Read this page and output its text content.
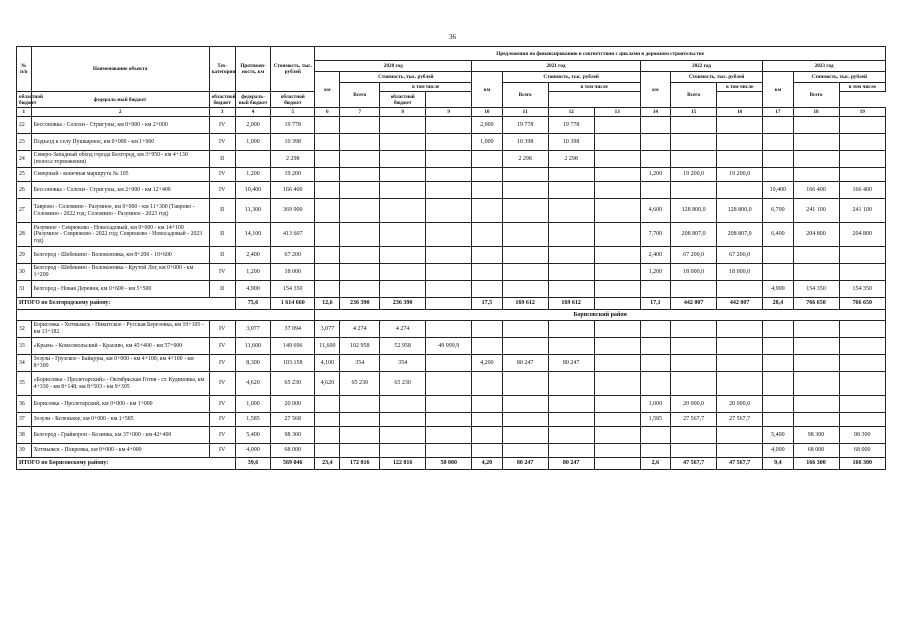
36
№ п/п	Наименование объекта	Тех-категория	Протяжен-ность, км	Стоимость, тыс. рублей	Предложения по финансированию в соответствии с циклами в дорожном строительстве													
					2020 год				2021 год				2022 год			2023 год		
					км	Стоимость, тыс. рублей			км	Стоимость, тыс. рублей			км	Стоимость, тыс. рублей		км	Стоимость, тыс. рублей	
						Всего	в том числе			Всего	в том числе			Всего	в том числе		Всего	в том числе
областной бюджет	федераль-ный бюджет	областной бюджет	федераль-ный бюджет	областной бюджет			областной бюджет											
1	2	3	4	5	6	7	8	9	10	11	12	13	14	15	16	17	18	19
22	Бессоновка - Солохи - Стригуны, км 0+000 - км 2+000	IV	2,000	19 778					2,000	19 778	19 778							
23	Подъезд к селу Пушкарное, км 0+000 - км 1+000	IV	1,000	10 398					1,000	10 398	10 398							
24	Северо-Западный обход города Белгород, км 3+950 - км 4+130 (полоса торможения)	II		2 298						2 298	2 298							
25	Северный - конечная маршрута № 105	IV	1,200	19 200									1,200	19 200,0	19 200,0			
26	Бессоновка - Солохи - Стригуны, км 2+000 - км 12+400	IV	10,400	166 400												10,400	166 400	166 400
27	Таврово - Соломино - Разумное, км 0+000 - км 11+300 (Таврово - Соломино - 2022 год; Соломино - Разумное - 2023 год)	II	11,300	369 900									4,600	128 800,0	128 800,0	6,700	241 100	241 100
28	Разумное - Севрюково - Новосадовый, км 0+000 - км 14+100 (Разумное - Севрюково - 2022 год; Севрюково - Новосадовый - 2023 год)	II	14,100	413 607									7,700	208 807,0	208 807,0	6,400	204 800	204 800
29	Белгород - Шебекино - Волоконовка, км 8+200 - 10+600	II	2,400	67 200									2,400	67 200,0	67 200,0			
30	Белгород - Шебекино - Волоконовка - Крутой Лог, км 0+000 - км 1+200	IV	1,200	18 000									1,200	18 000,0	18 000,0			
31	Белгород - Новая Деревня, км 0+600 - км 5+500	II	4,900	154 350												4,900	154 350	154 350
ИТОГО по Белгородскому району:			75,6	1 614 660	12,6	236 390	236 390		17,5	169 612	169 612		17,1	442 007	442 007	28,4	766 650	766 650
					Борисовский район													
32	Борисовка - Хотмыжск - Никитское - Русская Березовка, км 10+105 - км 13+182	IV	3,077	37 094	3,077	4 274	4 274											
33	«Крым» - Комсомольский - Красиво, км 45+400 - км 57+000	IV	11,600	149 696	11,600	102 958	52 958	49 999,9										
34	Зозули - Грузское - Байцуры, км 0+000 - км 4+100; км 4+100 - км 8+300	IV	8,300	103 158	4,100	354	354		4,200	80 247	80 247							
35	«Борисовка - Пролетарский» - Октябрьская Готня - ст. Кудиновка, км 4+330 - км 8+148; км 8+503 - км 9+305	IV	4,620	65 230	4,620	65 230	65 230											
36	Борисовка - Пролетарский, км 0+000 - км 1+000	IV	1,000	20 000									1,000	20 000,0	20 000,0			
37	Зозули - Беленькое, км 0+000 - км 1+585	IV	1,585	27 568									1,585	27 567,7	27 567,7			
38	Белгород - Грайворон - Козинка, км 37+000 - км 42+400	IV	5,400	98 300												5,400	98 300	98 300
39	Хотмыжск - Покровка, км 0+000 - км 4+000	IV	4,000	68 000												4,000	68 000	68 000
ИТОГО по Борисовскому району:			39,6	569 046	23,4	172 816	122 816	50 000	4,20	80 247	80 247		2,6	47 567,7	47 567,7	9,4	166 300	166 300
